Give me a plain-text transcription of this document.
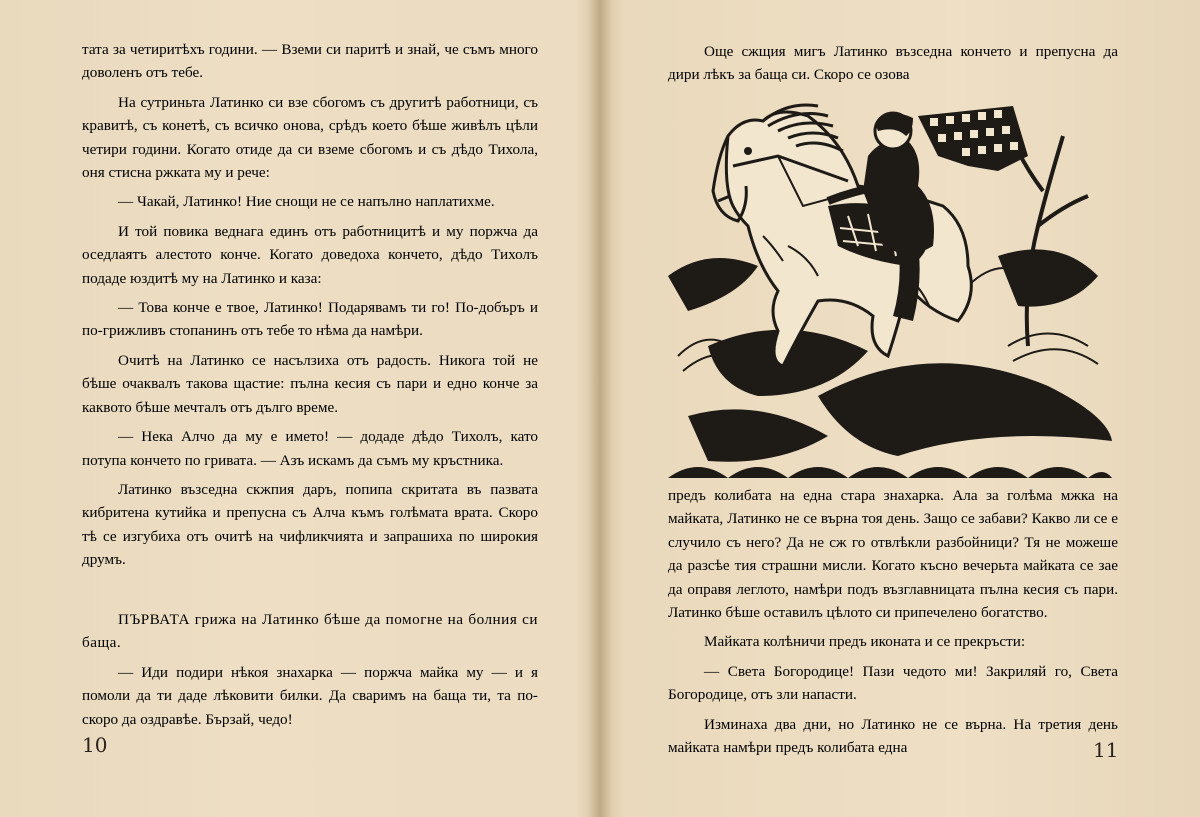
тата за четиритѣхъ години. — Вземи си паритѣ и знай, че съмъ много доволенъ отъ тебе.

На сутриньта Латинко си взе сбогомъ съ другитѣ работници, съ кравитѣ, съ конетѣ, съ всичко онова, срѣдъ което бѣше живѣлъ цѣли четири години. Когато отиде да си вземе сбогомъ и съ дѣдо Тихола, оня стисна ржката му и рече:

— Чакай, Латинко! Ние снощи не се напълно наплатихме.

И той повика веднага единъ отъ работницитѣ и му поржча да оседлаятъ алестото конче. Когато доведоха кончето, дѣдо Тихолъ подаде юздитѣ му на Латинко и каза:

— Това конче е твое, Латинко! Подарявамъ ти го! По-добъръ и по-грижливъ стопанинъ отъ тебе то нѣма да намѣри.

Очитѣ на Латинко се насълзиха отъ радость. Никога той не бѣше очаквалъ такова щастие: пълна кесия съ пари и едно конче за каквото бѣше мечталъ отъ дълго време.

— Нека Алчо да му е името! — додаде дѣдо Тихолъ, като потупа кончето по гривата. — Азъ искамъ да съмъ му кръстника.

Латинко възседна скжпия даръ, попипа скритата въ пазвата кибритена кутийка и препусна съ Алча къмъ голѣмата врата. Скоро тѣ се изгубиха отъ очитѣ на чифликчията и запрашиха по широкия друмъ.

ПЪРВАТА грижа на Латинко бѣше да помогне на болния си баща.

— Иди подири нѣкоя знахарка — поржча майка му — и я помоли да ти даде лѣковити билки. Да сваримъ на баща ти, та по-скоро да оздравѣе. Бързай, чедо!

10

Още сжщия мигъ Латинко възседна кончето и препусна да дири лѣкъ за баща си. Скоро се озова

предъ колибата на една стара знахарка. Ала за голѣма мжка на майката, Латинко не се върна тоя день. Защо се забави? Какво ли се е случило съ него? Да не сж го отвлѣкли разбойници? Тя не можеше да разсѣе тия страшни мисли. Когато късно вечерьта майката се зае да оправя леглото, намѣри подъ възглавницата пълна кесия съ пари. Латинко бѣше оставилъ цѣлото си припечелено богатство.

Майката колѣничи предъ иконата и се прекръсти:

— Света Богородице! Пази чедото ми! Закриляй го, Света Богородице, отъ зли напасти.

Изминаха два дни, но Латинко не се върна. На третия день майката намѣри предъ колибата една	11
